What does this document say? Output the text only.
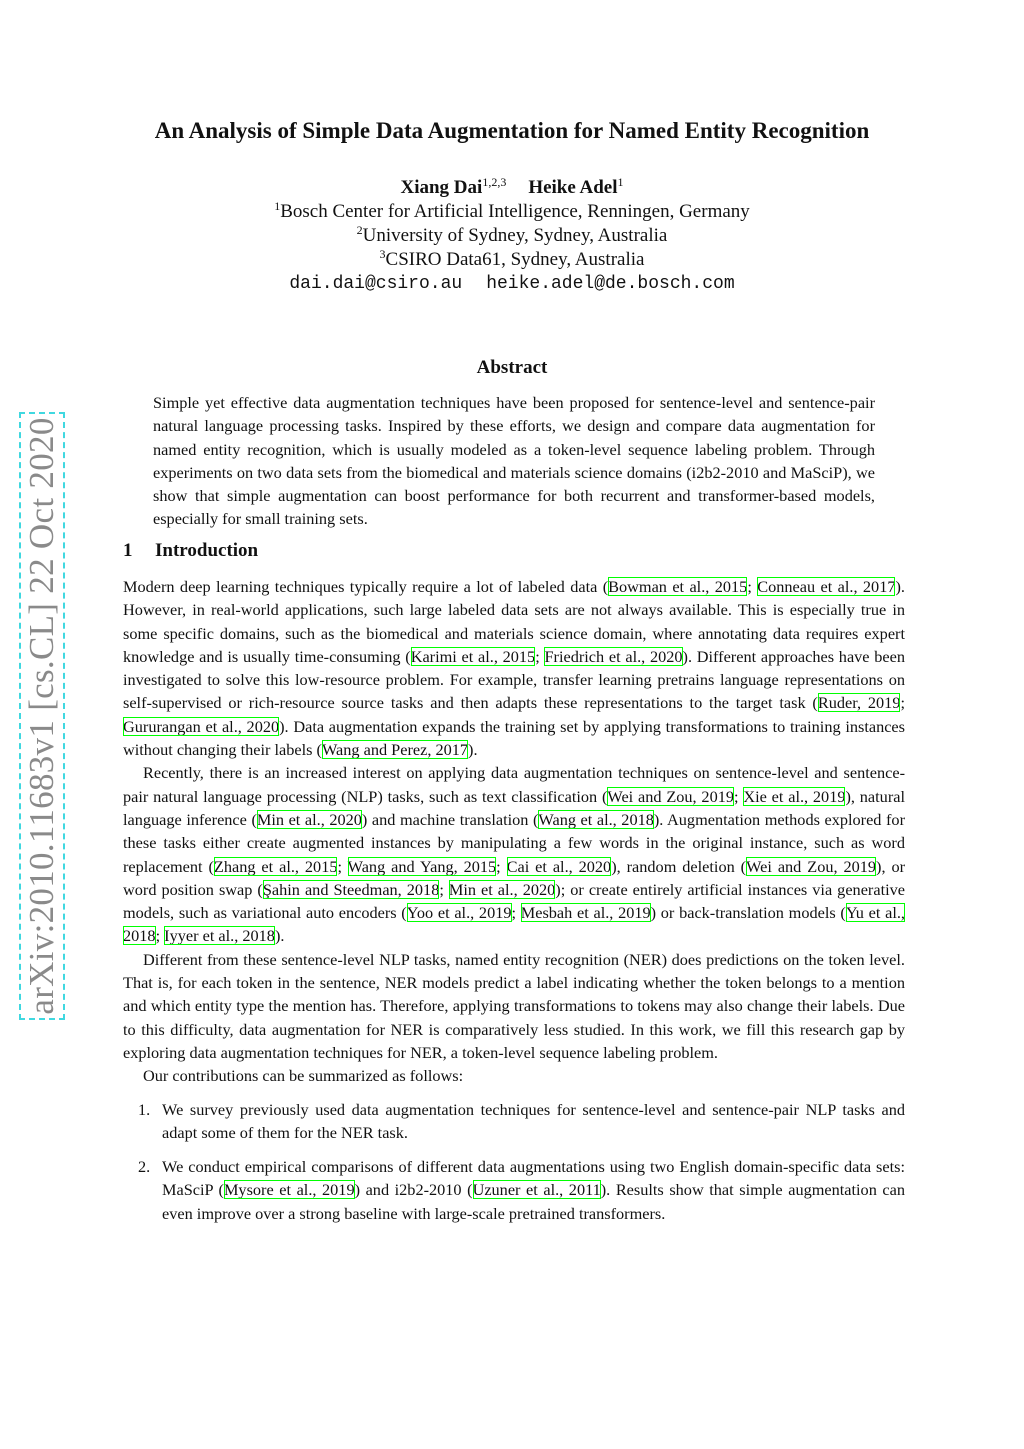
arXiv:2010.11683v1 [cs.CL] 22 Oct 2020
An Analysis of Simple Data Augmentation for Named Entity Recognition
Xiang Dai$^{1,2,3}$ Heike Adel$^1$
$^1$Bosch Center for Artificial Intelligence, Renningen, Germany
$^2$University of Sydney, Sydney, Australia
$^3$CSIRO Data61, Sydney, Australia
dai.dai@csiro.au heike.adel@de.bosch.com
Abstract
Simple yet effective data augmentation techniques have been proposed for sentence-level and sentence-pair natural language processing tasks. Inspired by these efforts, we design and compare data augmentation for named entity recognition, which is usually modeled as a token-level sequence labeling problem. Through experiments on two data sets from the biomedical and materials science domains (i2b2-2010 and MaSciP), we show that simple augmentation can boost performance for both recurrent and transformer-based models, especially for small training sets.
1 Introduction

Modern deep learning techniques typically require a lot of labeled data (Bowman et al., 2015; Conneau et al., 2017). However, in real-world applications, such large labeled data sets are not always available. This is especially true in some specific domains, such as the biomedical and materials science domain, where annotating data requires expert knowledge and is usually time-consuming (Karimi et al., 2015; Friedrich et al., 2020). Different approaches have been investigated to solve this low-resource problem. For example, transfer learning pretrains language representations on self-supervised or rich-resource source tasks and then adapts these representations to the target task (Ruder, 2019; Gururangan et al., 2020). Data augmentation expands the training set by applying transformations to training instances without changing their labels (Wang and Perez, 2017).

Recently, there is an increased interest on applying data augmentation techniques on sentence-level and sentence-pair natural language processing (NLP) tasks, such as text classification (Wei and Zou, 2019; Xie et al., 2019), natural language inference (Min et al., 2020) and machine translation (Wang et al., 2018). Augmentation methods explored for these tasks either create augmented instances by manipulating a few words in the original instance, such as word replacement (Zhang et al., 2015; Wang and Yang, 2015; Cai et al., 2020), random deletion (Wei and Zou, 2019), or word position swap (Şahin and Steedman, 2018; Min et al., 2020); or create entirely artificial instances via generative models, such as variational auto encoders (Yoo et al., 2019; Mesbah et al., 2019) or back-translation models (Yu et al., 2018; Iyyer et al., 2018).

Different from these sentence-level NLP tasks, named entity recognition (NER) does predictions on the token level. That is, for each token in the sentence, NER models predict a label indicating whether the token belongs to a mention and which entity type the mention has. Therefore, applying transformations to tokens may also change their labels. Due to this difficulty, data augmentation for NER is comparatively less studied. In this work, we fill this research gap by exploring data augmentation techniques for NER, a token-level sequence labeling problem.

Our contributions can be summarized as follows:

1. We survey previously used data augmentation techniques for sentence-level and sentence-pair NLP tasks and adapt some of them for the NER task.
2. We conduct empirical comparisons of different data augmentations using two English domain-specific data sets: MaSciP (Mysore et al., 2019) and i2b2-2010 (Uzuner et al., 2011). Results show that simple augmentation can even improve over a strong baseline with large-scale pretrained transformers.
